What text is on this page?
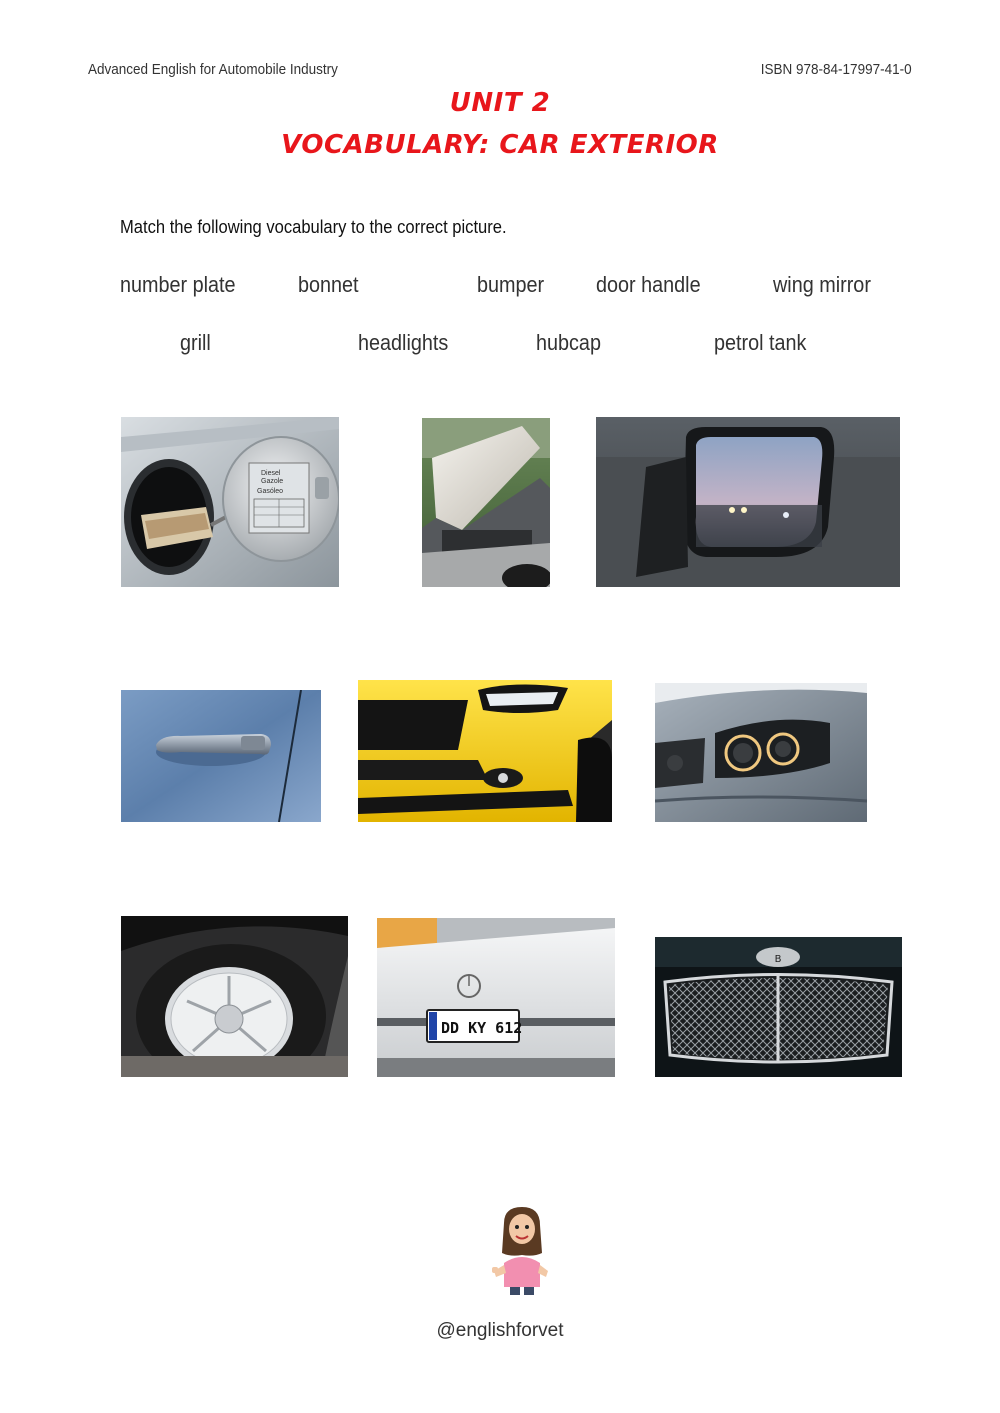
Advanced English for Automobile Industry	ISBN 978-84-17997-41-0
UNIT 2
VOCABULARY: CAR EXTERIOR
Match the following vocabulary to the correct picture.
number plate	bonnet	bumper door handle	wing mirror
grill	headlights	hubcap	petrol tank
Diesel
Gazole
Gasóleo
DD KY 612
B
@englishforvet
